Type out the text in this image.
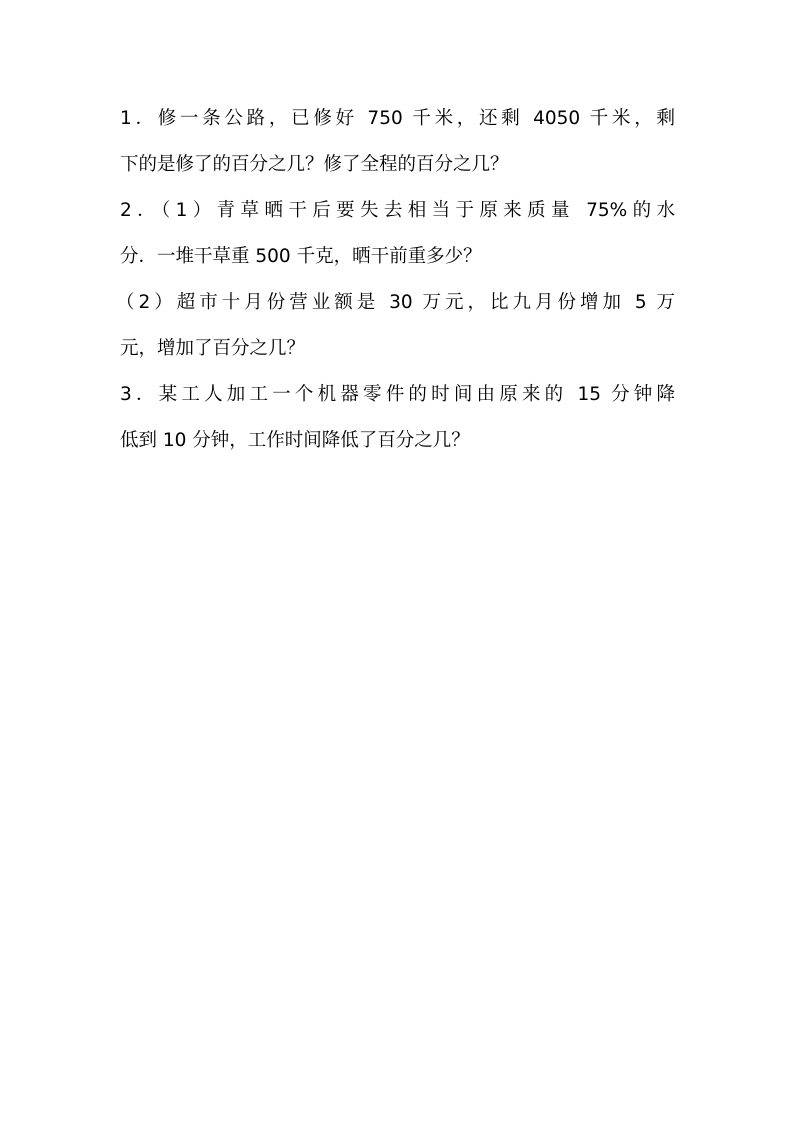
1．修一条公路，已修好 750 千米，还剩 4050 千米，剩
下的是修了的百分之几？修了全程的百分之几？
2．（1）青草晒干后要失去相当于原来质量 75%的水
分．一堆干草重 500 千克，晒干前重多少？
（2）超市十月份营业额是 30 万元，比九月份增加 5 万
元，增加了百分之几？
3．某工人加工一个机器零件的时间由原来的 15 分钟降
低到 10 分钟，工作时间降低了百分之几？
